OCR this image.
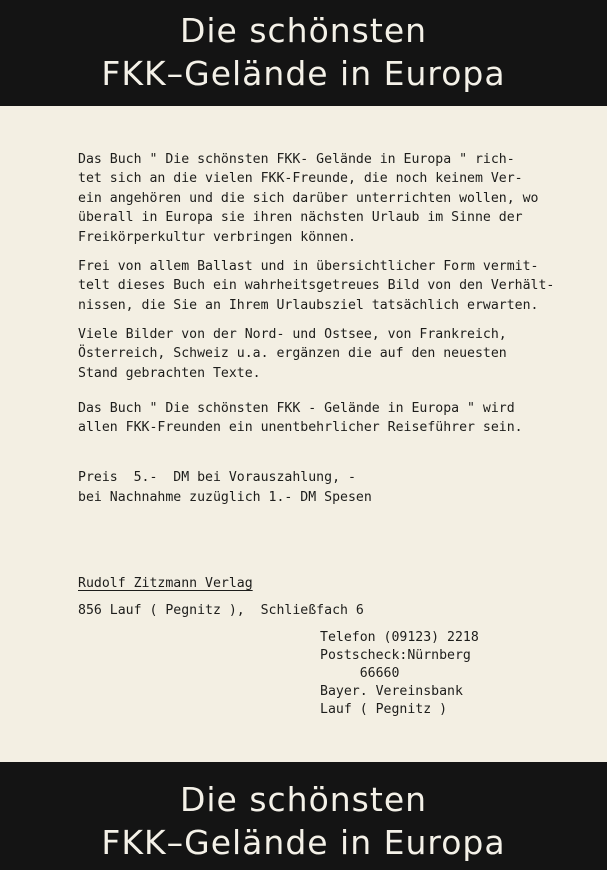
Die schönsten
FKK–Gelände in Europa
Das Buch " Die schönsten FKK- Gelände in Europa " rich-
tet sich an die vielen FKK-Freunde, die noch keinem Ver-
ein angehören und die sich darüber unterrichten wollen, wo
überall in Europa sie ihren nächsten Urlaub im Sinne der
Freikörperkultur verbringen können.
Frei von allem Ballast und in übersichtlicher Form vermit-
telt dieses Buch ein wahrheitsgetreues Bild von den Verhält-
nissen, die Sie an Ihrem Urlaubsziel tatsächlich erwarten.
Viele Bilder von der Nord- und Ostsee, von Frankreich,
Österreich, Schweiz u.a. ergänzen die auf den neuesten
Stand gebrachten Texte.
Das Buch " Die schönsten FKK - Gelände in Europa " wird
allen FKK-Freunden ein unentbehrlicher Reiseführer sein.
Preis  5.-  DM bei Vorauszahlung, -
bei Nachnahme zuzüglich 1.- DM Spesen
Rudolf Zitzmann Verlag
856 Lauf ( Pegnitz ),  Schließfach 6
Telefon (09123) 2218
Postscheck:Nürnberg
66660
Bayer. Vereinsbank
Lauf ( Pegnitz )
Die schönsten
FKK–Gelände in Europa
